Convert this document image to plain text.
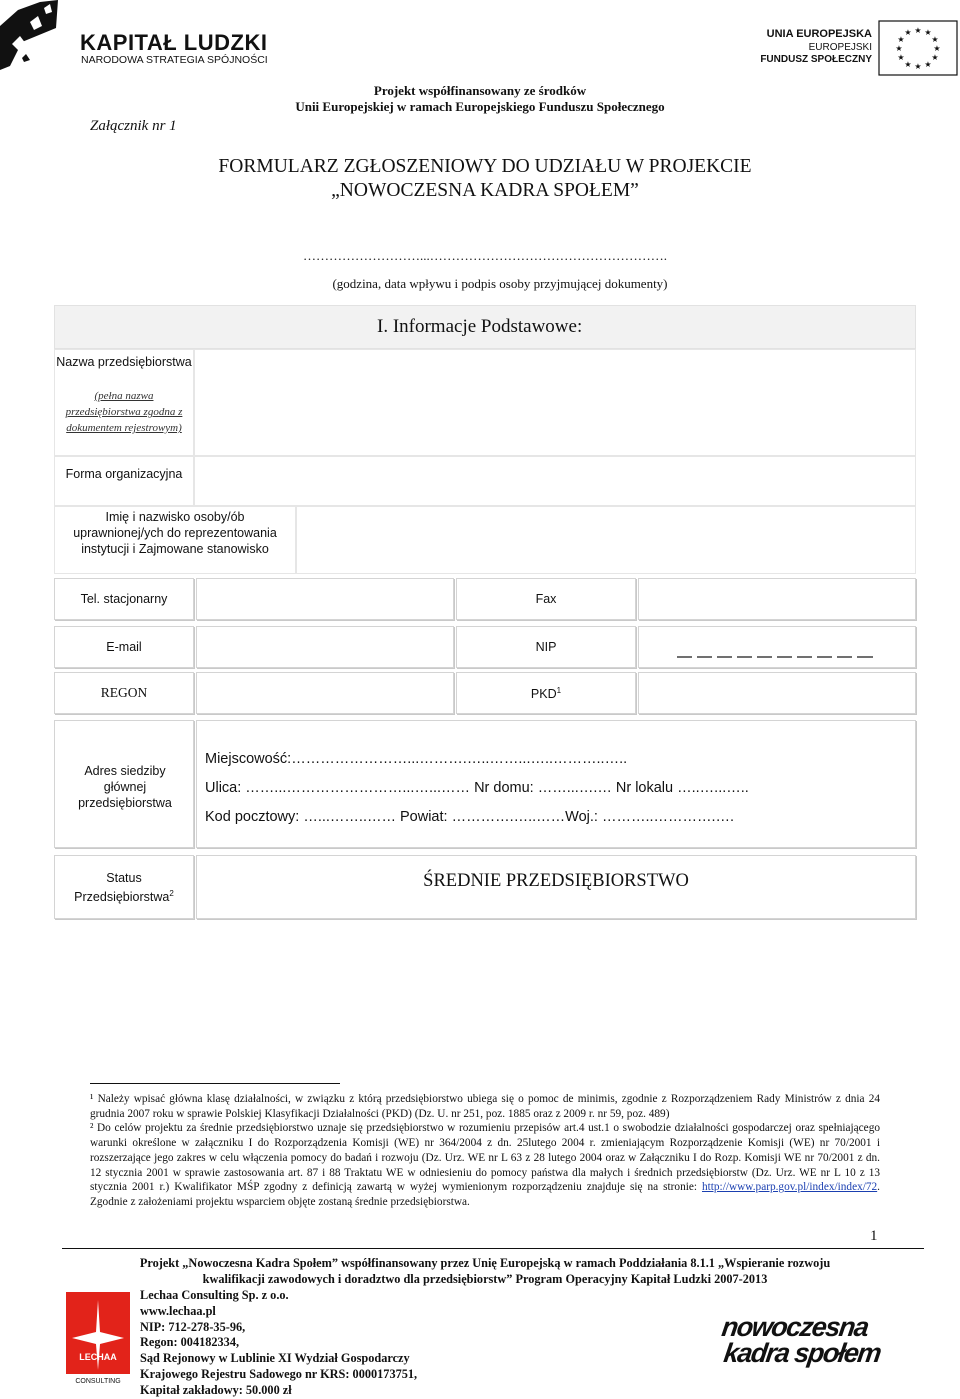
KAPITAŁ LUDZKI
NARODOWA STRATEGIA SPÓJNOŚCI
UNIA EUROPEJSKA
EUROPEJSKI
FUNDUSZ SPOŁECZNY
★ ★
★
★
★
★
★
★
★
★
★
★
Projekt współfinansowany ze środków
Unii Europejskiej w ramach Europejskiego Funduszu Społecznego
Załącznik nr 1
FORMULARZ ZGŁOSZENIOWY DO UDZIAŁU W PROJEKCIE
„NOWOCZESNA KADRA SPOŁEM”
………………………...……………………………………………….
(godzina, data wpływu i podpis osoby przyjmującej dokumenty)
I. Informacje Podstawowe:
Nazwa przedsiębiorstwa
(pełna nazwa przedsiębiorstwa zgodna z dokumentem rejestrowym)
Forma organizacyjna
Imię i nazwisko osoby/ób uprawnionej/ych do reprezentowania instytucji i Zajmowane stanowisko
Tel. stacjonarny	Fax
E-mail	NIP
REGON	PKD$^1$
Adres siedziby głównej przedsiębiorstwa
Miejscowość:……………………...……….…..……...…..………..…..
Ulica: ……...……………………...…...…… Nr domu: ……...….… Nr lokalu …..…...…..
Kod pocztowy: …...……..…… Powiat: ………….…..……Woj.: ………..………….….
Status Przedsiębiorstwa$^2$
ŚREDNIE PRZEDSIĘBIORSTWO
¹ Należy wpisać główna klasę działalności, w związku z którą przedsiębiorstwo ubiega się o pomoc de minimis, zgodnie z Rozporządzeniem Rady Ministrów z dnia 24 grudnia 2007 roku w sprawie Polskiej Klasyfikacji Działalności (PKD) (Dz. U. nr 251, poz. 1885 oraz z 2009 r. nr 59, poz. 489)
² Do celów projektu za średnie przedsiębiorstwo uznaje się przedsiębiorstwo w rozumieniu przepisów art.4 ust.1 o swobodzie działalności gospodarczej oraz spełniającego warunki określone w załączniku I do Rozporządzenia Komisji (WE) nr 364/2004 z dn. 25lutego 2004 r. zmieniającym Rozporządzenie Komisji (WE) nr 70/2001 i rozszerzające jego zakres w celu włączenia pomocy do badań i rozwoju (Dz. Urz. WE nr L 63 z 28 lutego 2004 oraz w Załączniku I do Rozp. Komisji WE nr 70/2001 z dn. 12 stycznia 2001 w sprawie zastosowania art. 87 i 88 Traktatu WE w odniesieniu do pomocy państwa dla małych i średnich przedsiębiorstw (Dz. Urz. WE nr L 10 z 13 stycznia 2001 r.) Kwalifikator MŚP zgodny z definicją zawartą w wyżej wymienionym rozporządzeniu znajduje się na stronie: http://www.parp.gov.pl/index/index/72. Zgodnie z założeniami projektu wsparciem objęte zostaną średnie przedsiębiorstwa.
1
Projekt „Nowoczesna Kadra Społem” współfinansowany przez Unię Europejską w ramach Poddziałania 8.1.1 „Wspieranie rozwoju
kwalifikacji zawodowych i doradztwo dla przedsiębiorstw” Program Operacyjny Kapitał Ludzki 2007-2013
LECHAA
CONSULTING
Lechaa Consulting Sp. z o.o.
www.lechaa.pl
NIP: 712-278-35-96,
Regon: 004182334,
Sąd Rejonowy w Lublinie XI Wydział Gospodarczy
Krajowego Rejestru Sadowego nr KRS: 0000173751,
Kapitał zakładowy: 50.000 zł
nowoczesna
kadra społem
